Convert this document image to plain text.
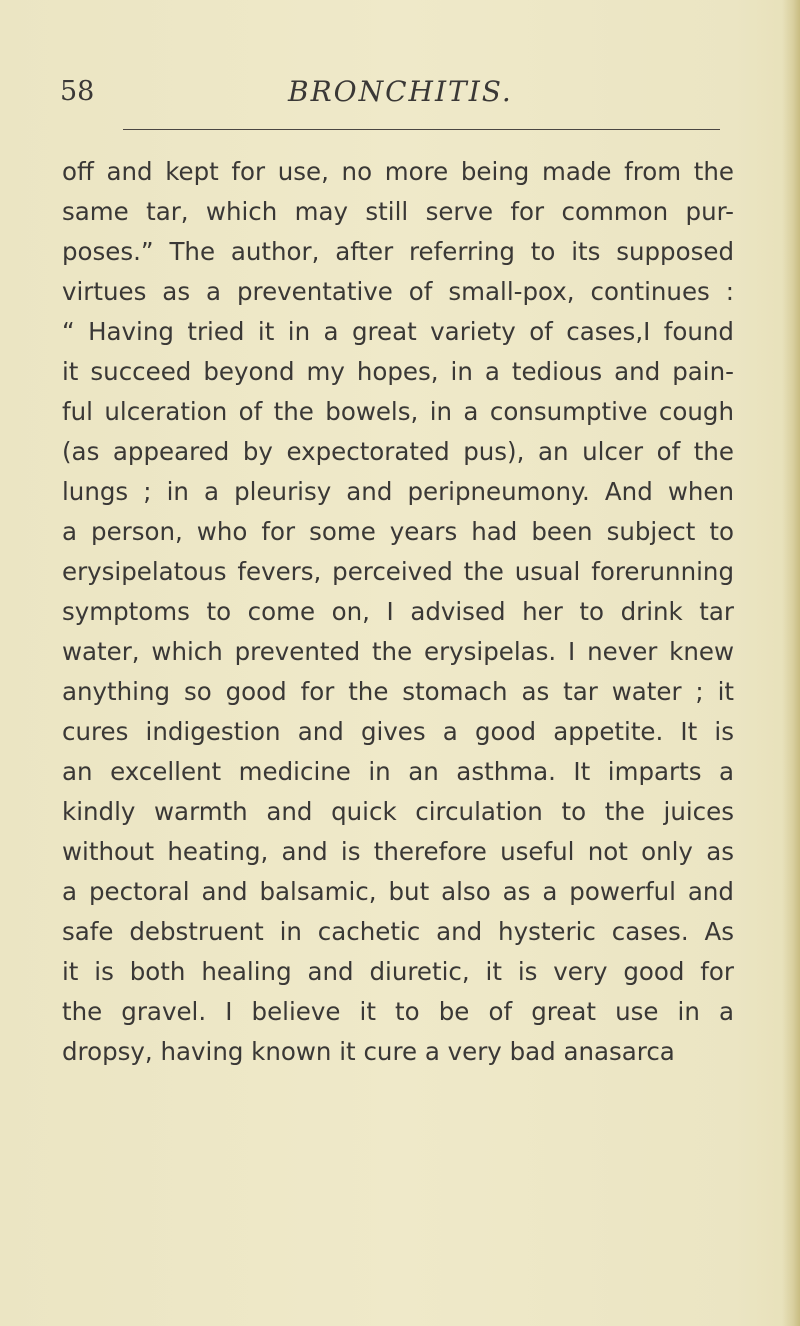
58	BRONCHITIS.
off and kept for use, no more being made from the
same tar, which may still serve for common pur-
poses.” The author, after referring to its supposed
virtues as a preventative of small-pox, continues :
“ Having tried it in a great variety of cases,I found
it succeed beyond my hopes, in a tedious and pain-
ful ulceration of the bowels, in a consumptive cough
(as appeared by expectorated pus), an ulcer of the
lungs ; in a pleurisy and peripneumony. And when
a person, who for some years had been subject to
erysipelatous fevers, perceived the usual forerunning
symptoms to come on, I advised her to drink tar
water, which prevented the erysipelas. I never knew
anything so good for the stomach as tar water ; it
cures indigestion and gives a good appetite. It is
an excellent medicine in an asthma. It imparts a
kindly warmth and quick circulation to the juices
without heating, and is therefore useful not only as
a pectoral and balsamic, but also as a powerful and
safe debstruent in cachetic and hysteric cases. As
it is both healing and diuretic, it is very good for
the gravel. I believe it to be of great use in a
dropsy, having known it cure a very bad anasarca
